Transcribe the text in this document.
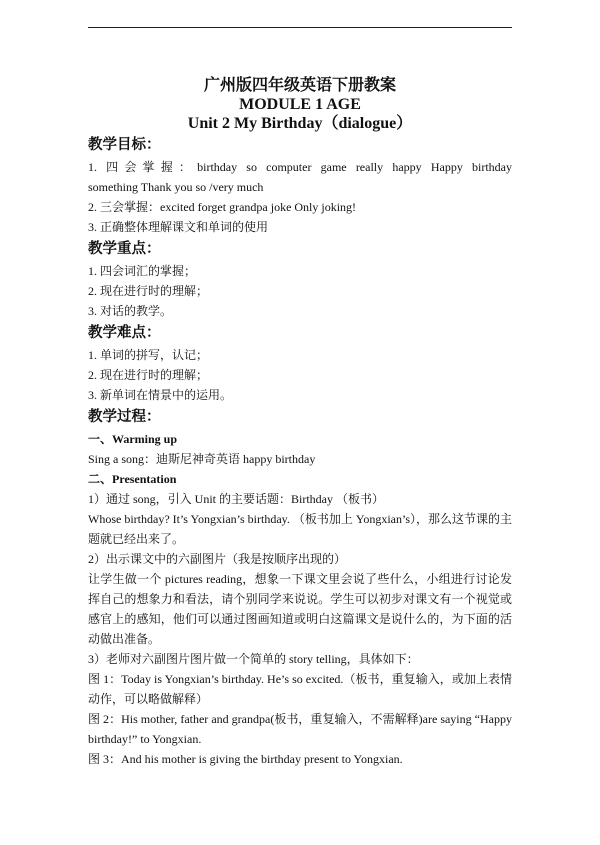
广州版四年级英语下册教案

MODULE 1 AGE

Unit 2 My Birthday（dialogue）

教学目标：

1. 四会掌握：birthday so computer game really happy Happy birthday

something Thank you so /very much

2. 三会掌握：excited forget grandpa joke Only joking!

3. 正确整体理解课文和单词的使用

教学重点：

1. 四会词汇的掌握；

2. 现在进行时的理解；

3. 对话的教学。

教学难点：

1. 单词的拼写，认记；

2. 现在进行时的理解；

3. 新单词在情景中的运用。

教学过程：

一、Warming up

Sing a song：迪斯尼神奇英语 happy birthday

二、Presentation

1）通过 song，引入 Unit 的主要话题：Birthday （板书）

Whose birthday? It’s Yongxian’s birthday. （板书加上 Yongxian’s），那么这节课的主题就已经出来了。

2）出示课文中的六副图片（我是按顺序出现的）

让学生做一个 pictures reading，想象一下课文里会说了些什么，小组进行讨论发挥自己的想象力和看法，请个别同学来说说。学生可以初步对课文有一个视觉或感官上的感知，他们可以通过图画知道或明白这篇课文是说什么的，为下面的活动做出准备。

3）老师对六副图片图片做一个简单的 story telling，具体如下：

图 1：Today is Yongxian’s birthday. He’s so excited.（板书，重复输入，或加上表情动作，可以略做解释）

图 2：His mother, father and grandpa(板书，重复输入，不需解释)are saying “Happy birthday!” to Yongxian.

图 3：And his mother is giving the birthday present to Yongxian.
